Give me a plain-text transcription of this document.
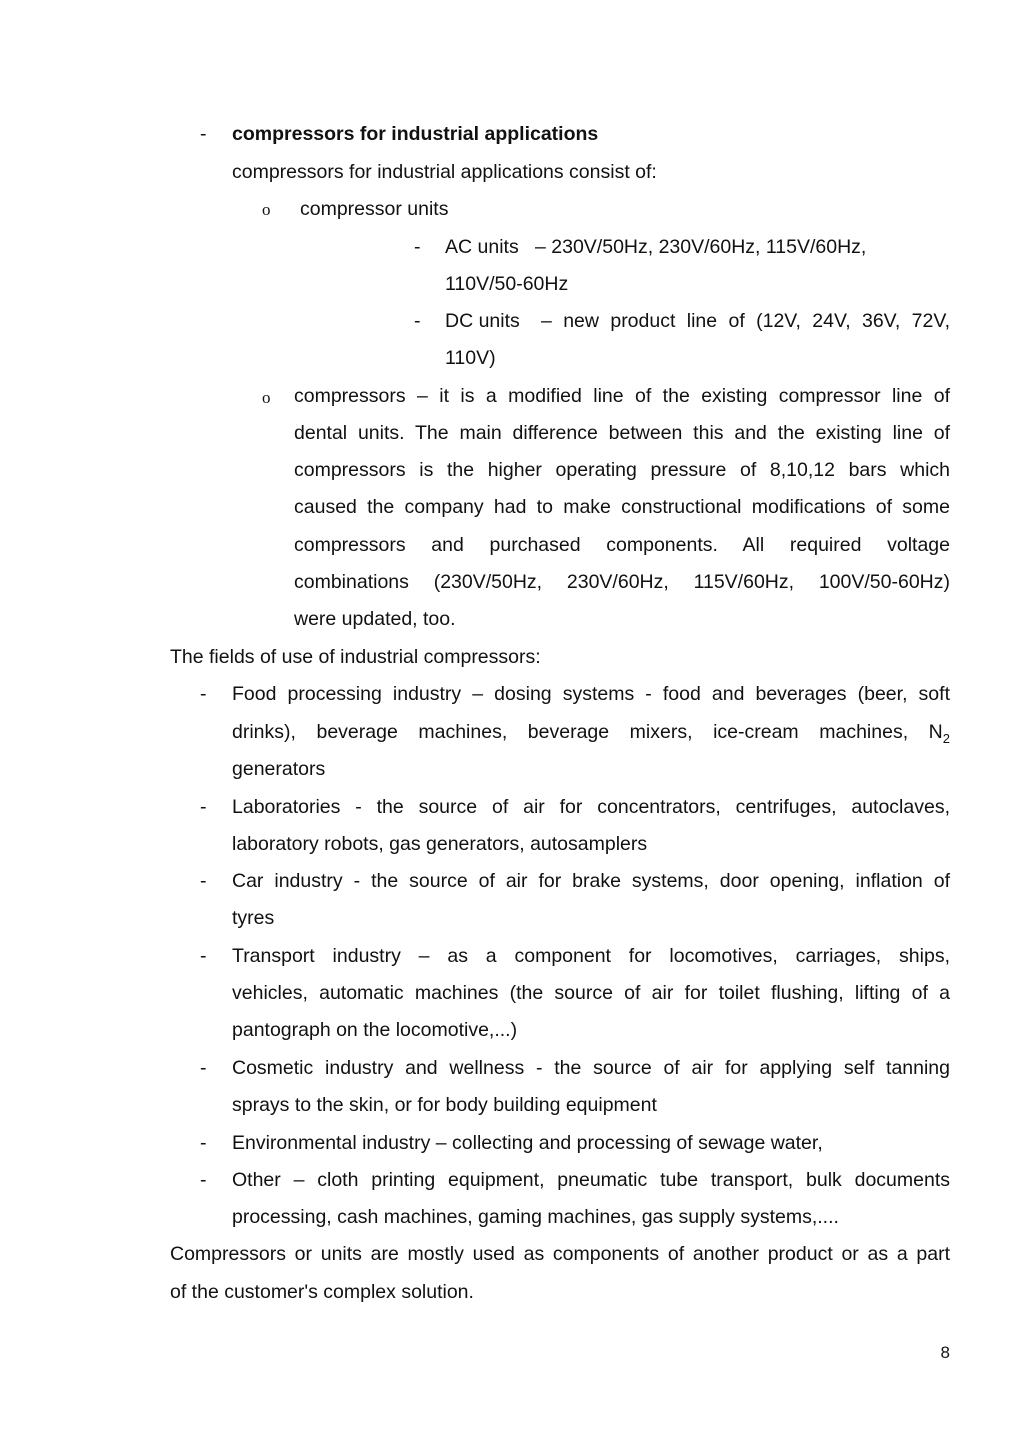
- compressors for industrial applications
compressors for industrial applications consist of:
o compressor units
- AC units – 230V/50Hz, 230V/60Hz, 115V/60Hz,
110V/50-60Hz
- DC units – new product line of (12V, 24V, 36V, 72V,
110V)
o compressors – it is a modified line of the existing compressor line of
dental units. The main difference between this and the existing line of
compressors is the higher operating pressure of 8,10,12 bars which
caused the company had to make constructional modifications of some
compressors and purchased components. All required voltage
combinations (230V/50Hz, 230V/60Hz, 115V/60Hz, 100V/50-60Hz)
were updated, too.
The fields of use of industrial compressors:
- Food processing industry – dosing systems - food and beverages (beer, soft
drinks), beverage machines, beverage mixers, ice-cream machines, $N_2$
generators
- Laboratories - the source of air for concentrators, centrifuges, autoclaves,
laboratory robots, gas generators, autosamplers
- Car industry - the source of air for brake systems, door opening, inflation of
tyres
- Transport industry – as a component for locomotives, carriages, ships,
vehicles, automatic machines (the source of air for toilet flushing, lifting of a
pantograph on the locomotive,...)
- Cosmetic industry and wellness - the source of air for applying self tanning
sprays to the skin, or for body building equipment
- Environmental industry – collecting and processing of sewage water,
- Other – cloth printing equipment, pneumatic tube transport, bulk documents
processing, cash machines, gaming machines, gas supply systems,....
Compressors or units are mostly used as components of another product or as a part
of the customer's complex solution.
8
